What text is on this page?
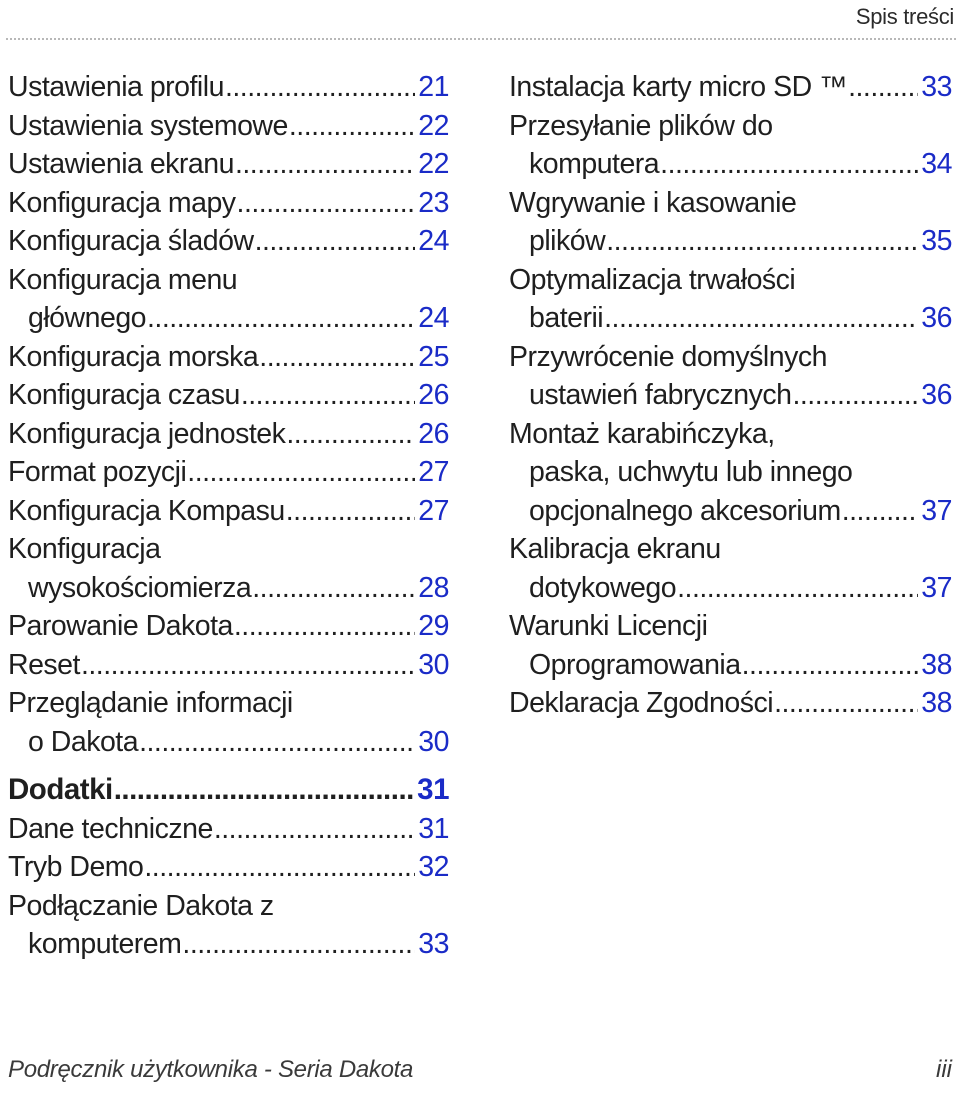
Spis treści
Ustawienia profilu .....	21
Ustawienia systemowe .....	22
Ustawienia ekranu .....	22
Konfiguracja mapy .....	23
Konfiguracja śladów .....	24
Konfiguracja menu
głównego .....	24
Konfiguracja morska .....	25
Konfiguracja czasu .....	26
Konfiguracja jednostek .....	26
Format pozycji .....	27
Konfiguracja Kompasu .....	27
Konfiguracja
wysokościomierza .....	28
Parowanie Dakota .....	29
Reset .....	30
Przeglądanie informacji
o Dakota .....	30
Dodatki .....	31
Dane techniczne .....	31
Tryb Demo .....	32
Podłączanie Dakota z
komputerem .....	33
Instalacja karty micro SD ™ .....	33
Przesyłanie plików do
komputera .....	34
Wgrywanie i kasowanie
plików .....	35
Optymalizacja trwałości
baterii .....	36
Przywrócenie domyślnych
ustawień fabrycznych .....	36
Montaż karabińczyka,
paska, uchwytu lub innego
opcjonalnego akcesorium .....	37
Kalibracja ekranu
dotykowego .....	37
Warunki Licencji
Oprogramowania .....	38
Deklaracja Zgodności .....	38
Podręcznik użytkownika - Seria Dakota	iii
